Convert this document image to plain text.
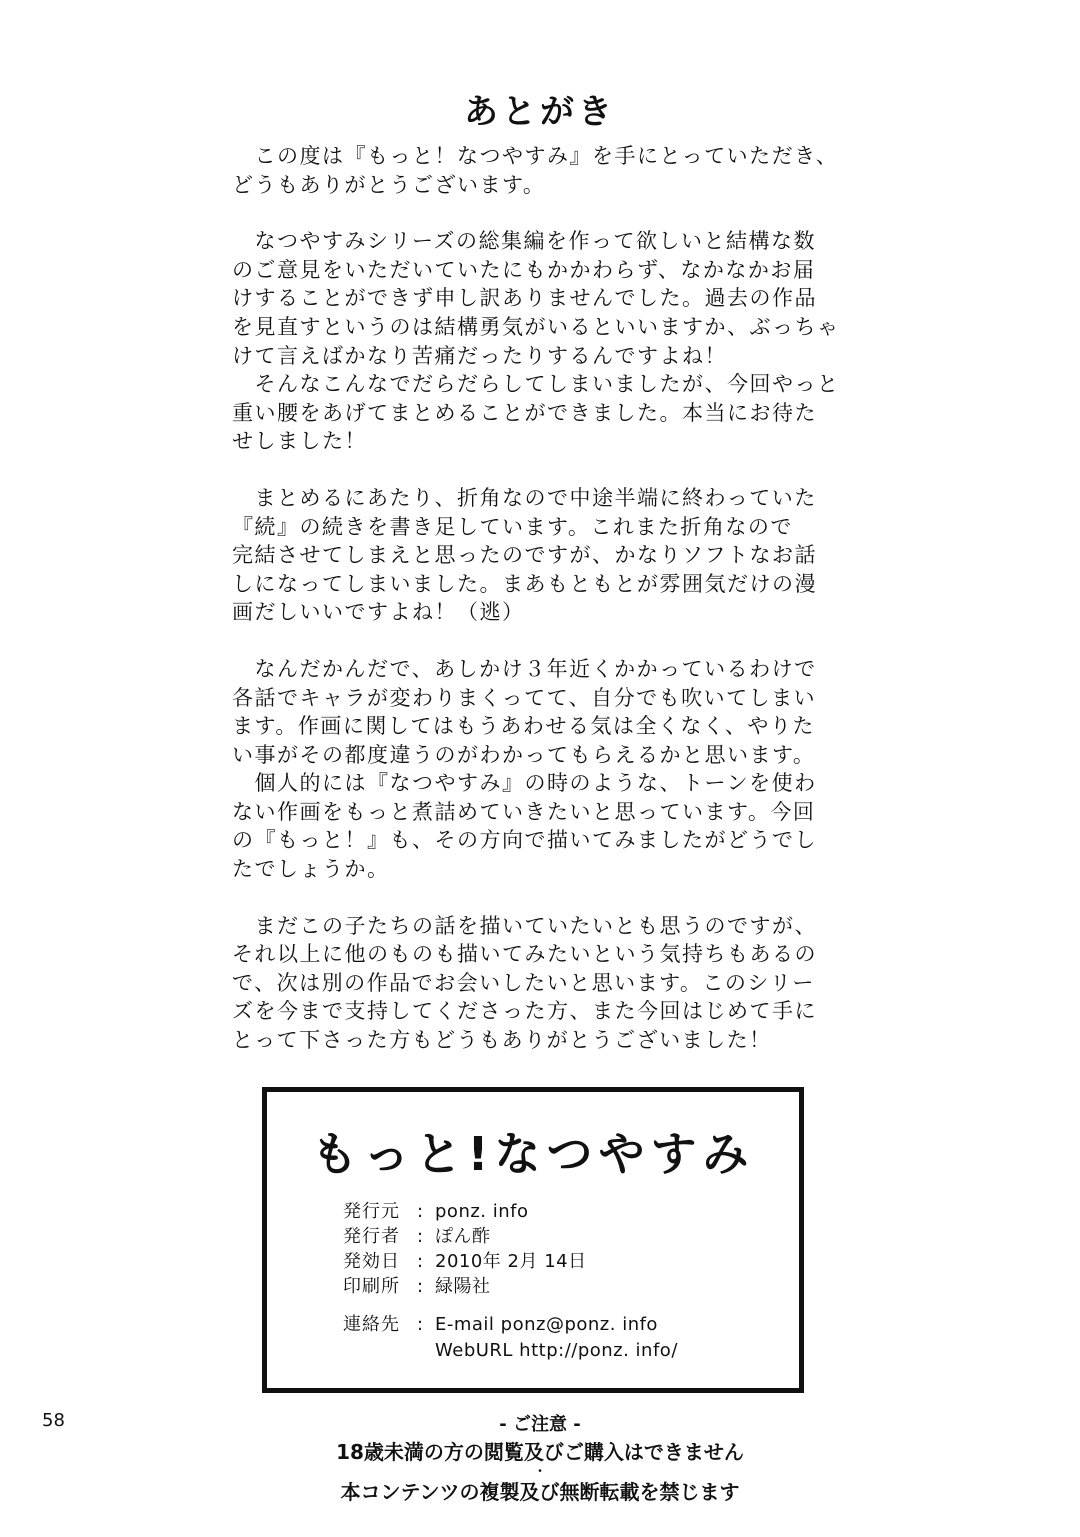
あとがき
　この度は『もっと！なつやすみ』を手にとっていただき、
どうもありがとうございます。
　なつやすみシリーズの総集編を作って欲しいと結構な数
のご意見をいただいていたにもかかわらず、なかなかお届
けすることができず申し訳ありませんでした。過去の作品
を見直すというのは結構勇気がいるといいますか、ぶっちゃ
けて言えばかなり苦痛だったりするんですよね！
　そんなこんなでだらだらしてしまいましたが、今回やっと
重い腰をあげてまとめることができました。本当にお待た
せしました！
　まとめるにあたり、折角なので中途半端に終わっていた
『続』の続きを書き足しています。これまた折角なので
完結させてしまえと思ったのですが、かなりソフトなお話
しになってしまいました。まあもともとが雰囲気だけの漫
画だしいいですよね！（逃）
　なんだかんだで、あしかけ３年近くかかっているわけで
各話でキャラが変わりまくってて、自分でも吹いてしまい
ます。作画に関してはもうあわせる気は全くなく、やりた
い事がその都度違うのがわかってもらえるかと思います。
　個人的には『なつやすみ』の時のような、トーンを使わ
ない作画をもっと煮詰めていきたいと思っています。今回
の『もっと！』も、その方向で描いてみましたがどうでし
たでしょうか。
　まだこの子たちの話を描いていたいとも思うのですが、
それ以上に他のものも描いてみたいという気持ちもあるの
で、次は別の作品でお会いしたいと思います。このシリー
ズを今まで支持してくださった方、また今回はじめて手に
とって下さった方もどうもありがとうございました！
もっと!なつやすみ
発行元 : ponz. info
発行者 : ぽん酢
発効日 : 2010年 2月 14日
印刷所 : 緑陽社
連絡先 : E-mail ponz@ponz. info
WebURL http://ponz. info/
58	- ご注意 -
18歳未満の方の閲覧及びご購入はできません
・
本コンテンツの複製及び無断転載を禁じます
